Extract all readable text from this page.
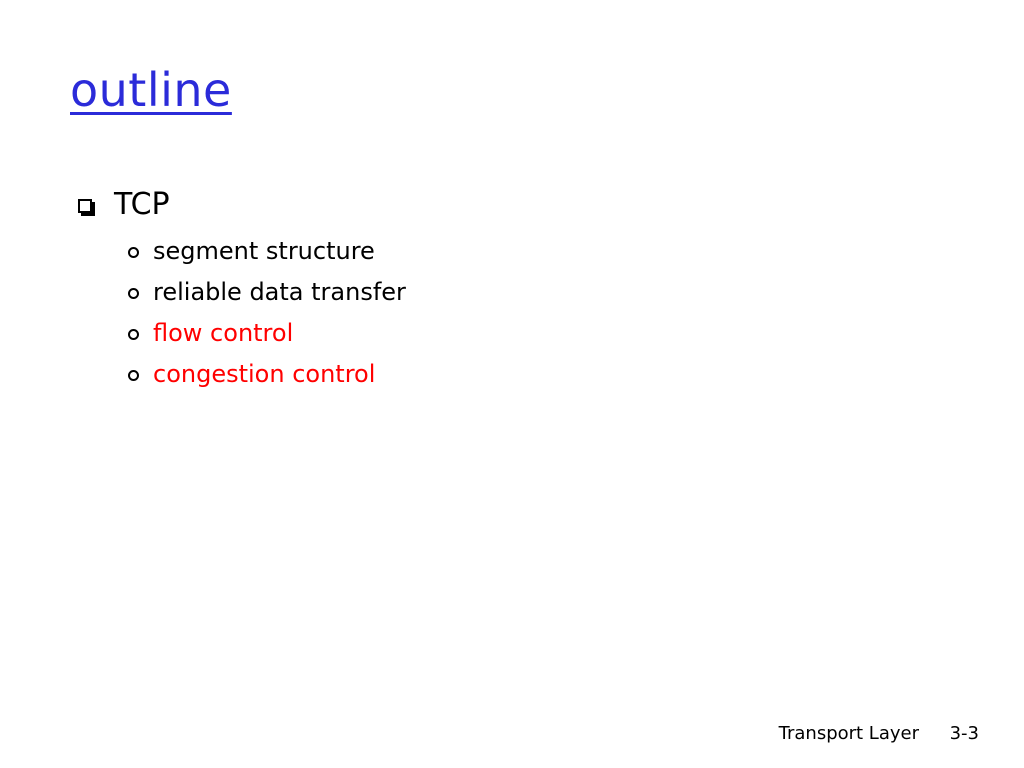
outline
TCP
segment structure
reliable data transfer
flow control
congestion control
Transport Layer 3-3
